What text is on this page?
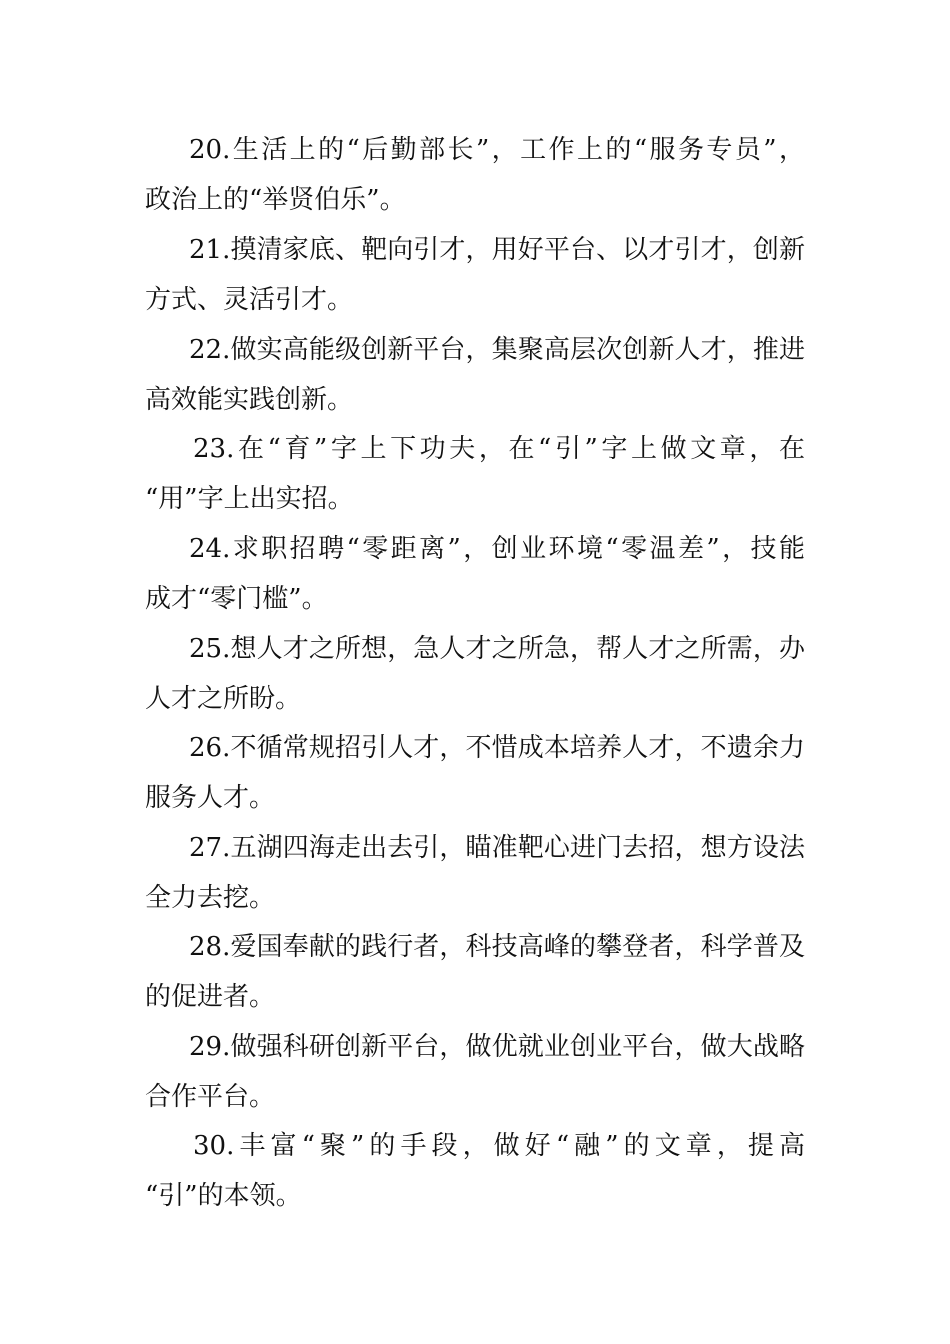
20.生活上的“后勤部长”，工作上的“服务专员”，
政治上的“举贤伯乐”。

21.摸清家底、靶向引才，用好平台、以才引才，创新
方式、灵活引才。

22.做实高能级创新平台，集聚高层次创新人才，推进
高效能实践创新。

23.在“育”字上下功夫，在“引”字上做文章，在
“用”字上出实招。

24.求职招聘“零距离”，创业环境“零温差”，技能
成才“零门槛”。

25.想人才之所想，急人才之所急，帮人才之所需，办
人才之所盼。

26.不循常规招引人才，不惜成本培养人才，不遗余力
服务人才。

27.五湖四海走出去引，瞄准靶心进门去招，想方设法
全力去挖。

28.爱国奉献的践行者，科技高峰的攀登者，科学普及
的促进者。

29.做强科研创新平台，做优就业创业平台，做大战略
合作平台。

30.丰富“聚”的手段，做好“融”的文章，提高
“引”的本领。
